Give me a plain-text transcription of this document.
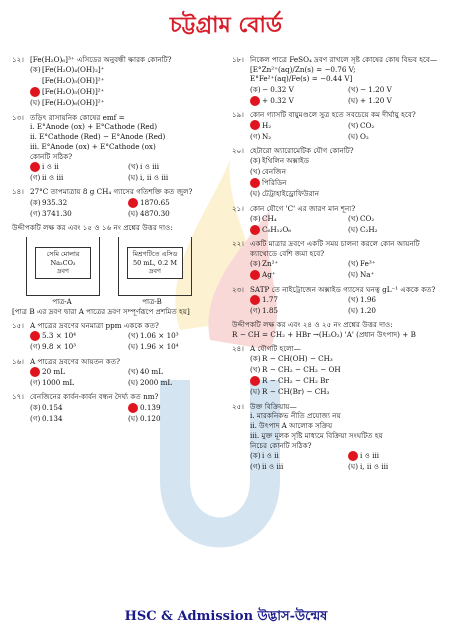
চট্টগ্রাম বোর্ড
১২। [Fe(H₂O)₆]³⁺ এসিডের অনুবন্ধী ক্ষারক কোনটি?
(ক) [Fe(H₂O)₄(OH)₂]⁺
[Fe(H₂O)₅(OH)]²⁺
[Fe(H₂O)₅(OH)]²⁺
(ঘ) [Fe(H₂O)₆(OH)]²⁺
১৩। তড়িৎ রাসায়নিক কোষের emf =
i. E°Anode (ox) + E°Cathode (Red)
ii. E°Cathode (Red) − E°Anode (Red)
iii. E°Anode (ox) + E°Cathode (ox)
কোনটি সঠিক?
i ও ii	(খ) i ও iii
(গ) ii ও iii	(ঘ) i, ii ও iii
১৪। 27°C তাপমাত্রায় 8 g CH₄ গ্যাসের গতিশক্তি কত জুল?
(ক) 935.32	1870.65
(গ) 3741.30	(ঘ) 4870.30
উদ্দীপকটি লক্ষ কর এবং ১৫ ও ১৬ নং প্রশ্নের উত্তর দাও:
সেমি মোলার
Na₂CO₃
দ্রবণ
মিশ্রণটিতে এসিড
50 mL, 0.2 M
দ্রবণ
পাত্র-A	পাত্র-B
[পাত্র B এর দ্রবণ দ্বারা A পাত্রের দ্রবণ সম্পূর্ণরূপে প্রশমিত হয়]
১৫। A পাত্রের দ্রবণের ঘনমাত্রা ppm এককে কত?
5.3 × 10⁴	(খ) 1.06 × 10³
(গ) 9.8 × 10³	(ঘ) 1.96 × 10⁴
১৬। A পাত্রের দ্রবণের আয়তন কত?
20 mL	(খ) 40 mL
(গ) 1000 mL	(ঘ) 2000 mL
১৭। বেনজিনের কার্বন-কার্বন বন্ধন দৈর্ঘ্য কত nm?
(ক) 0.154	0.139
(গ) 0.134	(ঘ) 0.120
১৮। নিকেল পাত্রে FeSO₄ দ্রবণ রাখলে সৃষ্ট কোষের কোষ বিভব হবে—
[E°Zn²⁺(aq)/Zn(s) = −0.76 V;
E°Fe²⁺(aq)/Fe(s) = −0.44 V]
(ক) − 0.32 V	(খ) − 1.20 V
+ 0.32 V	(ঘ) + 1.20 V
১৯। কোন গ্যাসটি বায়ুমণ্ডলে সুত্র হতে সবচেয়ে কম দীর্ঘায়ু হবে?
H₂	(খ) CO₂
(গ) N₂	(ঘ) O₂
২০। হেটারো অ্যারোমেটিক যৌগ কোনটি?
(ক) ইথিলিন অক্সাইড
(খ) বেনজিন
পিরিডিন
(ঘ) টেট্রাহাইড্রোফিউরান
২১। কোন যৌগে 'C' এর জারণ মান শূন্য?
(ক) CH₄	(খ) CO₂
C₆H₁₂O₆	(ঘ) C₂H₂
২২। একটি মাত্রার দ্রবণে একটি সময় চালনা করলে কোন আয়নটি ক্যাথোডে বেশি জমা হবে?
(ক) Zn²⁺	(খ) Fe³⁺
Ag⁺	(ঘ) Na⁺
২৩। SATP তে নাইট্রোজেন অক্সাইড গ্যাসের ঘনত্ব gL⁻¹ এককে কত?
1.77	(খ) 1.96
(গ) 1.85	(ঘ) 1.20
উদ্দীপকটি লক্ষ কর এবং ২৪ ও ২৫ নং প্রশ্নের উত্তর দাও:
R − CH = CH₂ + HBr →(H₂O₂) 'A' (প্রধান উৎপাদ) + B
২৪। A যৌগটি হলো—
(ক) R − CH(OH) − CH₃
(খ) R − CH₂ − CH₂ − OH
R − CH₂ − CH₂ Br
(ঘ) R − CH(Br) − CH₃
২৫। উক্ত বিক্রিয়ায়—
i. মারকনিকভ নীতি প্রযোজ্য নয়
ii. উৎপাদ A আলোক সক্রিয়
iii. মুক্ত মূলক সৃষ্টি মাধ্যমে বিক্রিয়া সংঘটিত হয়
নিচের কোনটি সঠিক?
(ক) i ও ii	i ও iii
(গ) ii ও iii	(ঘ) i, ii ও iii
HSC & Admission উদ্ভাস-উন্মেষ
